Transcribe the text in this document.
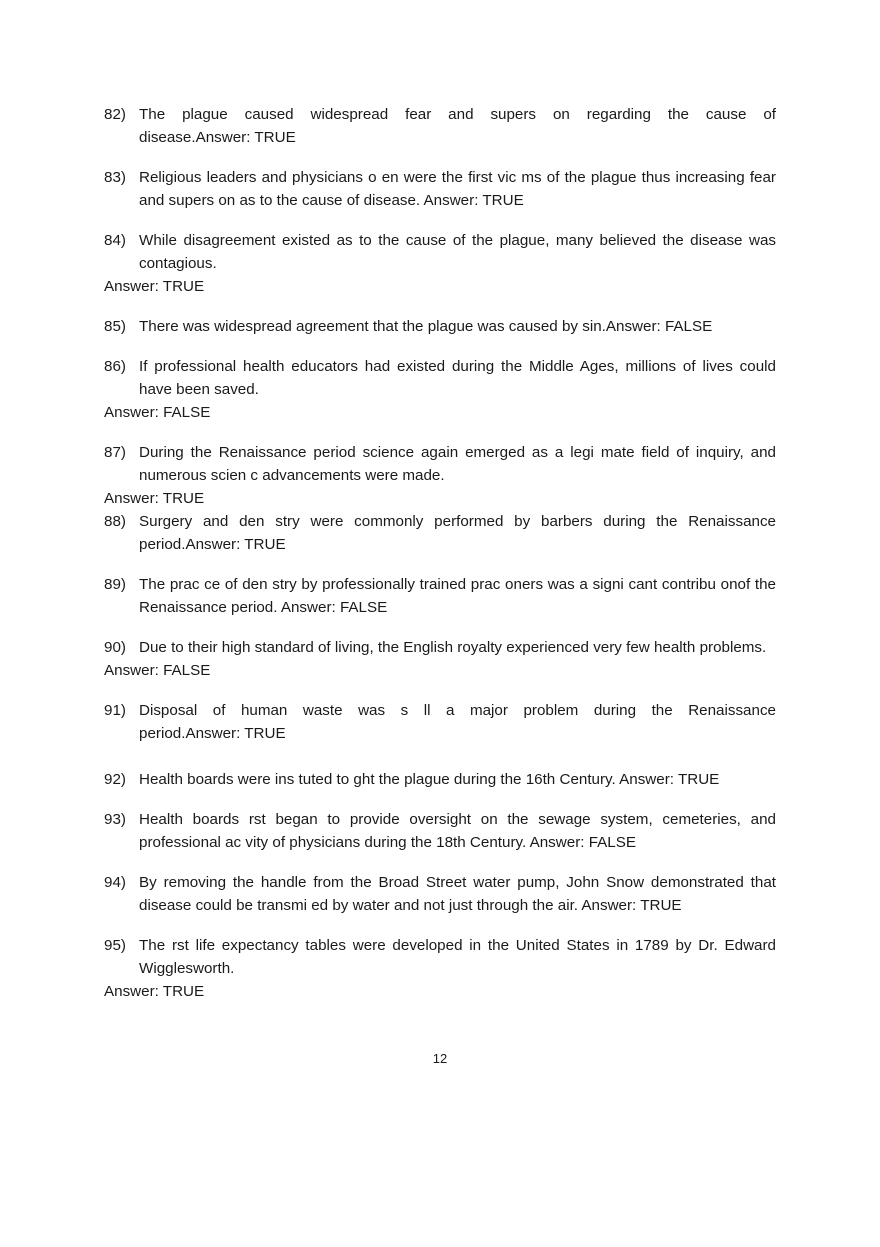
82) The plague caused widespread fear and supers on regarding the cause of disease.Answer: TRUE
83) Religious leaders and physicians o en were the first vic ms of the plague thus increasing fear and supers on as to the cause of disease. Answer: TRUE
84) While disagreement existed as to the cause of the plague, many believed the disease was contagious.
Answer: TRUE
85) There was widespread agreement that the plague was caused by sin.Answer: FALSE
86) If professional health educators had existed during the Middle Ages, millions of lives could have been saved.
Answer: FALSE
87) During the Renaissance period science again emerged as a legi mate field of inquiry, and numerous scien c advancements were made.
Answer: TRUE
88) Surgery and den stry were commonly performed by barbers during the Renaissance period.Answer: TRUE
89) The prac ce of den stry by professionally trained prac oners was a signi cant contribu onof the Renaissance period. Answer: FALSE
90) Due to their high standard of living, the English royalty experienced very few health problems.
Answer: FALSE
91) Disposal of human waste was s ll a major problem during the Renaissance period.Answer: TRUE
92) Health boards were ins tuted to ght the plague during the 16th Century. Answer: TRUE
93) Health boards rst began to provide oversight on the sewage system, cemeteries, and professional ac vity of physicians during the 18th Century. Answer: FALSE
94) By removing the handle from the Broad Street water pump, John Snow demonstrated that disease could be transmi ed by water and not just through the air. Answer: TRUE
95) The rst life expectancy tables were developed in the United States in 1789 by Dr. Edward Wigglesworth.
Answer: TRUE
12
